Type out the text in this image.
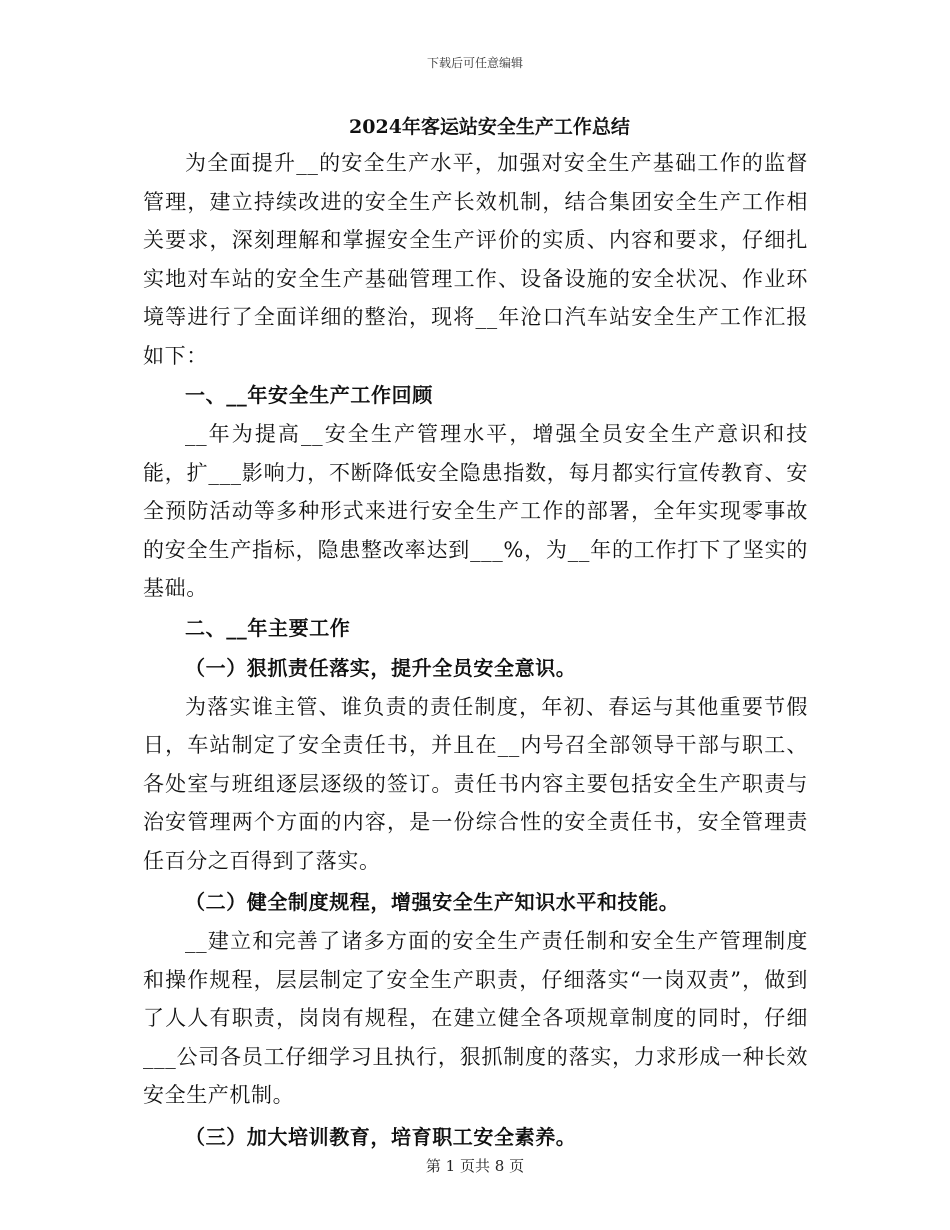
下载后可任意编辑
2024年客运站安全生产工作总结

为全面提升__的安全生产水平，加强对安全生产基础工作的监督管理，建立持续改进的安全生产长效机制，结合集团安全生产工作相关要求，深刻理解和掌握安全生产评价的实质、内容和要求，仔细扎实地对车站的安全生产基础管理工作、设备设施的安全状况、作业环境等进行了全面详细的整治，现将__年沧口汽车站安全生产工作汇报如下：

一、__年安全生产工作回顾

__年为提高__安全生产管理水平，增强全员安全生产意识和技能，扩___影响力，不断降低安全隐患指数，每月都实行宣传教育、安全预防活动等多种形式来进行安全生产工作的部署，全年实现零事故的安全生产指标，隐患整改率达到___%，为__年的工作打下了坚实的基础。

二、__年主要工作
（一）狠抓责任落实，提升全员安全意识。

为落实谁主管、谁负责的责任制度，年初、春运与其他重要节假日，车站制定了安全责任书，并且在__内号召全部领导干部与职工、各处室与班组逐层逐级的签订。责任书内容主要包括安全生产职责与治安管理两个方面的内容，是一份综合性的安全责任书，安全管理责任百分之百得到了落实。

（二）健全制度规程，增强安全生产知识水平和技能。

__建立和完善了诸多方面的安全生产责任制和安全生产管理制度和操作规程，层层制定了安全生产职责，仔细落实“一岗双责”，做到了人人有职责，岗岗有规程，在建立健全各项规章制度的同时，仔细___公司各员工仔细学习且执行，狠抓制度的落实，力求形成一种长效安全生产机制。

（三）加大培训教育，培育职工安全素养。
第 1 页共 8 页
